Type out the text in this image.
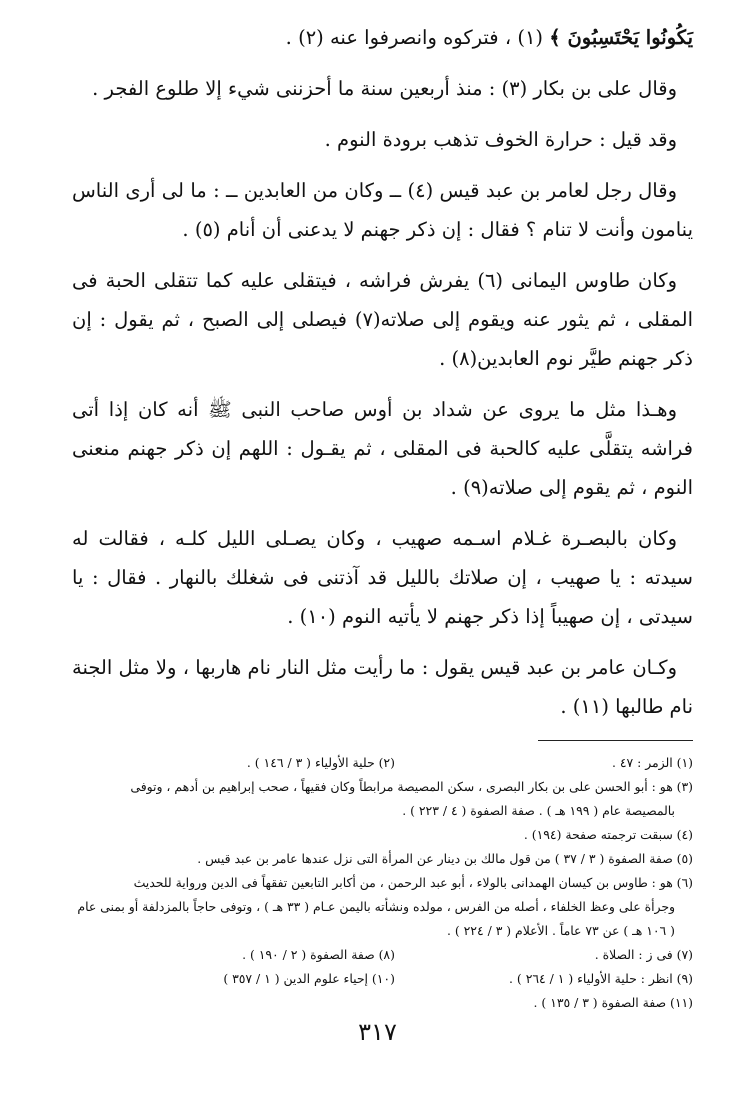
يَكُونُوا يَحْتَسِبُونَ ﴾ (١) ، فتركوه وانصرفوا عنه (٢) .

وقال على بن بكار (٣) : منذ أربعين سنة ما أحزننى شيء إلا طلوع الفجر .

وقد قيل : حرارة الخوف تذهب برودة النوم .

وقال رجل لعامر بن عبد قيس (٤) ــ وكان من العابدين ــ : ما لى أرى الناس ينامون وأنت لا تنام ؟ فقال : إن ذكر جهنم لا يدعنى أن أنام (٥) .

وكان طاوس اليمانى (٦) يفرش فراشه ، فيتقلى عليه كما تتقلى الحبة فى المقلى ، ثم يثور عنه ويقوم إلى صلاته(٧) فيصلى إلى الصبح ، ثم يقول : إن ذكر جهنم طيَّر نوم العابدين(٨) .

وهـذا مثل ما يروى عن شداد بن أوس صاحب النبى ﷺ أنه كان إذا أتى فراشه يتقلَّى عليه كالحبة فى المقلى ، ثم يقـول : اللهم إن ذكر جهنم منعنى النوم ، ثم يقوم إلى صلاته(٩) .

وكان بالبصـرة غـلام اسـمه صهيب ، وكان يصـلى الليل كلـه ، فقالت له سيدته : يا صهيب ، إن صلاتك بالليل قد آذتنى فى شغلك بالنهار . فقال : يا سيدتى ، إن صهيباً إذا ذكر جهنم لا يأتيه النوم (١٠) .

وكـان عامر بن عبد قيس يقول : ما رأيت مثل النار نام هاربها ، ولا مثل الجنة نام طالبها (١١) .

(١) الزمر : ٤٧ .

(٢) حلية الأولياء ( ٣ / ١٤٦ ) .

(٣) هو : أبو الحسن على بن بكار البصرى ، سكن المصيصة مرابطاً وكان فقيهاً ، صحب إبراهيم بن أدهم ، وتوفى
بالمصيصة عام ( ١٩٩ هـ ) . صفة الصفوة ( ٤ / ٢٢٣ ) .

(٤) سبقت ترجمته صفحة (١٩٤) .

(٥) صفة الصفوة ( ٣ / ٣٧ ) من قول مالك بن دينار عن المرأة التى نزل عندها عامر بن عبد قيس .

(٦) هو : طاوس بن كيسان الهمدانى بالولاء ، أبو عبد الرحمن ، من أكابر التابعين تفقهاً فى الدين ورواية للحديث
وجرأة على وعظ الخلفاء ، أصله من الفرس ، مولده ونشأته باليمن عـام ( ٣٣ هـ ) ، وتوفى حاجاً بالمزدلفة أو بمنى عام
( ١٠٦ هـ ) عن ٧٣ عاماً . الأعلام ( ٣ / ٢٢٤ ) .

(٧) فى ز : الصلاة .

(٨) صفة الصفوة ( ٢ / ١٩٠ ) .

(٩) انظر : حلية الأولياء ( ١ / ٢٦٤ ) .

(١٠) إحياء علوم الدين ( ١ / ٣٥٧ )

(١١) صفة الصفوة ( ٣ / ١٣٥ ) .

٣١٧
